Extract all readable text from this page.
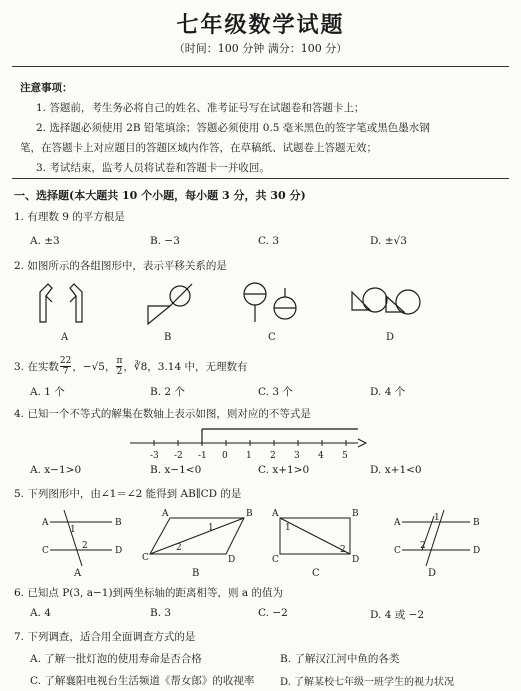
七年级数学试题
（时间：100 分钟 满分：100 分）
注意事项：
1. 答题前，考生务必将自己的姓名、准考证号写在试题卷和答题卡上；
2. 选择题必须使用 2B 铅笔填涂；答题必须使用 0.5 毫米黑色的签字笔或黑色墨水钢
笔，在答题卡上对应题目的答题区域内作答，在草稿纸、试题卷上答题无效；
3. 考试结束，监考人员将试卷和答题卡一并收回。
一、选择题(本大题共 10 个小题，每小题 3 分，共 30 分)
1. 有理数 9 的平方根是
A. ±3	B. −3	C. 3	D. ±√3
2. 如图所示的各组图形中，表示平移关系的是
A	B	C	D
3. 在实数 $\frac{22}{7}$ ，−√5， $\frac{\pi}{2}$ ，∛8，3.14 中，无理数有
A. 1 个	B. 2 个	C. 3 个	D. 4 个
4. 已知一个不等式的解集在数轴上表示如图，则对应的不等式是
-3 -2 -1 0 1 2 3 4 5
A. x−1>0	B. x−1<0	C. x+1>0	D. x+1<0
5. 下列图形中，由∠1＝∠2 能得到 AB∥CD 的是
A	B
C	D
1
2
A	B
C	D
1
2
A	B
C	D
1
2
A	B
C	D
1
2
A	B	C	D
6. 已知点 P(3, a−1)到两坐标轴的距离相等，则 a 的值为
A. 4	B. 3	C. −2	D. 4 或 −2
7. 下列调查，适合用全面调查方式的是
A. 了解一批灯泡的使用寿命是否合格	B. 了解汉江河中鱼的各类
C. 了解襄阳电视台生活频道《帮女郎》的收视率	D. 了解某校七年级一班学生的视力状况
